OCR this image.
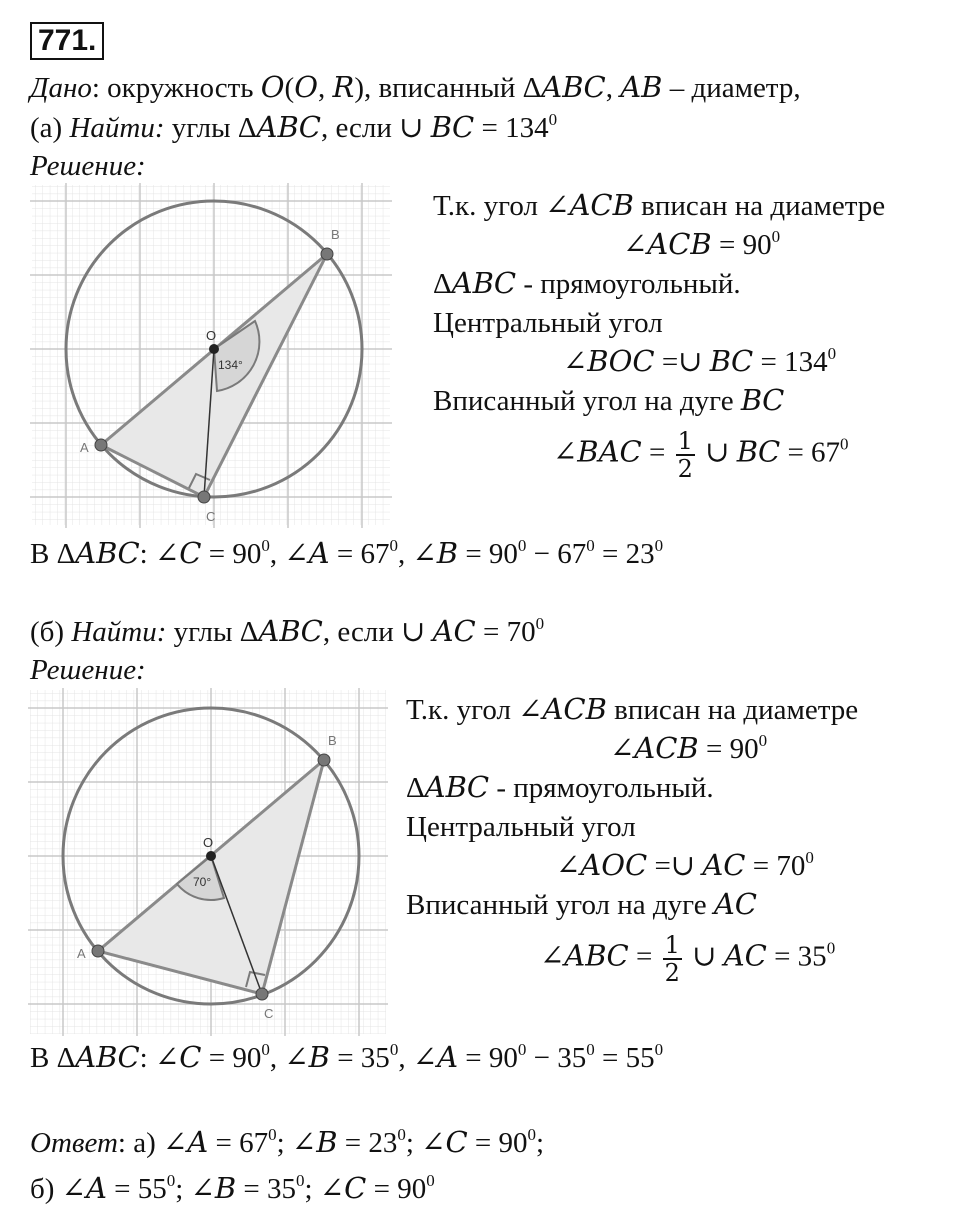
771.
Дано: окружность 𝑂(𝑂, 𝑅), вписанный Δ𝐴𝐵𝐶, 𝐴𝐵 – диаметр,
(а) Найти: углы Δ𝐴𝐵𝐶, если ∪ 𝐵𝐶 = $134^0$
Решение:
A
B
C
O
134°
Т.к. угол ∠𝐴𝐶𝐵 вписан на диаметре
∠𝐴𝐶𝐵 = $90^0$
Δ𝐴𝐵𝐶 - прямоугольный.
Центральный угол
∠𝐵𝑂𝐶 =∪ 𝐵𝐶 = $134^0$
Вписанный угол на дуге 𝐵𝐶
∠𝐵𝐴𝐶 = $\frac{1}{2}$ ∪ 𝐵𝐶 = $67^0$
В Δ𝐴𝐵𝐶: ∠𝐶 = $90^0$, ∠𝐴 = $67^0$, ∠𝐵 = $90^0 - 67^0 = 23^0$
(б) Найти: углы Δ𝐴𝐵𝐶, если ∪ 𝐴𝐶 = $70^0$
Решение:
A
B
C
O
70°
Т.к. угол ∠𝐴𝐶𝐵 вписан на диаметре
∠𝐴𝐶𝐵 = $90^0$
Δ𝐴𝐵𝐶 - прямоугольный.
Центральный угол
∠𝐴𝑂𝐶 =∪ 𝐴𝐶 = $70^0$
Вписанный угол на дуге 𝐴𝐶
∠𝐴𝐵𝐶 = $\frac{1}{2}$ ∪ 𝐴𝐶 = $35^0$
В Δ𝐴𝐵𝐶: ∠𝐶 = $90^0$, ∠𝐵 = $35^0$, ∠𝐴 = $90^0 - 35^0 = 55^0$
Ответ: а) ∠𝐴 = $67^0$; ∠𝐵 = $23^0$; ∠𝐶 = $90^0$;
б) ∠𝐴 = $55^0$; ∠𝐵 = $35^0$; ∠𝐶 = $90^0$
